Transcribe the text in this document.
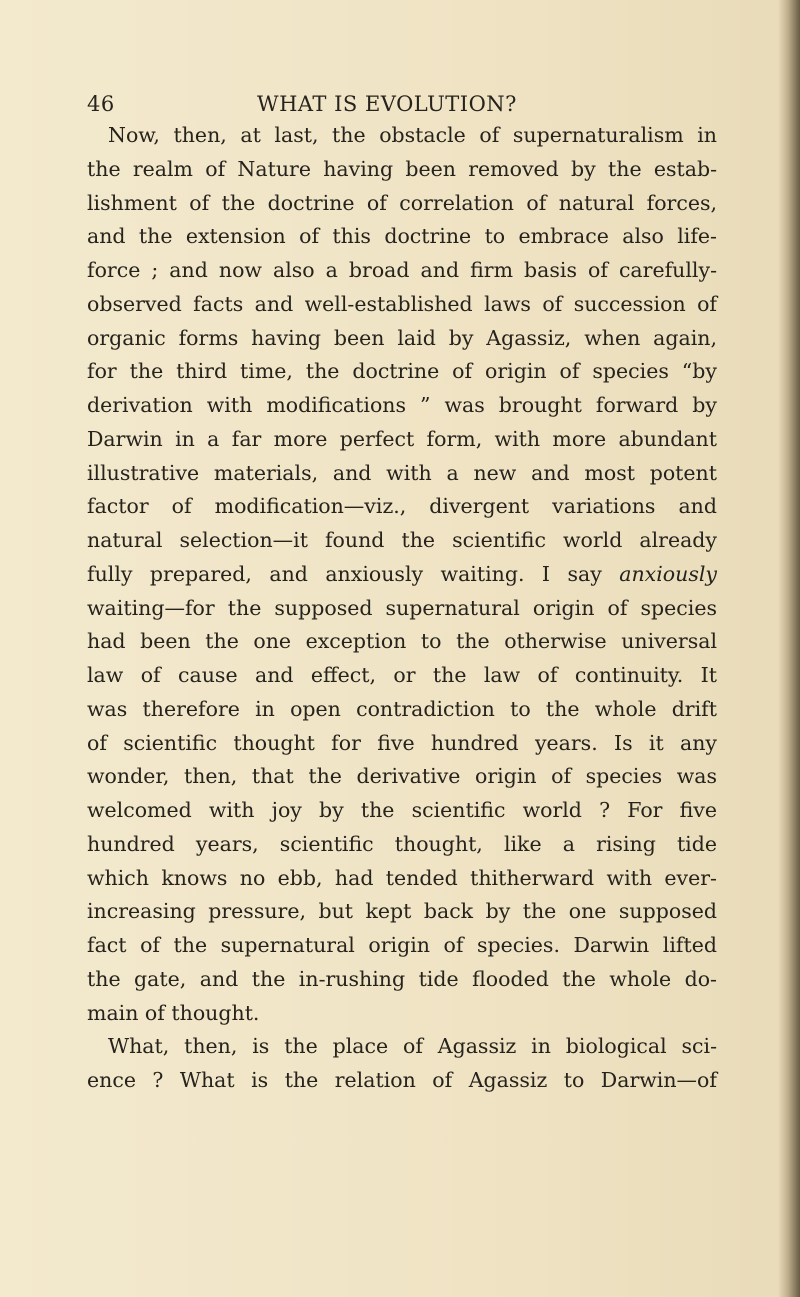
46	WHAT IS EVOLUTION?
Now, then, at last, the obstacle of supernaturalism in
the realm of Nature having been removed by the estab-
lishment of the doctrine of correlation of natural forces,
and the extension of this doctrine to embrace also life-
force ; and now also a broad and firm basis of carefully-
observed facts and well-established laws of succession of
organic forms having been laid by Agassiz, when again,
for the third time, the doctrine of origin of species “by
derivation with modifications ” was brought forward by
Darwin in a far more perfect form, with more abundant
illustrative materials, and with a new and most potent
factor of modification—viz., divergent variations and
natural selection—it found the scientific world already
fully prepared, and anxiously waiting. I say anxiously
waiting—for the supposed supernatural origin of species
had been the one exception to the otherwise universal
law of cause and effect, or the law of continuity. It
was therefore in open contradiction to the whole drift
of scientific thought for five hundred years. Is it any
wonder, then, that the derivative origin of species was
welcomed with joy by the scientific world ? For five
hundred years, scientific thought, like a rising tide
which knows no ebb, had tended thitherward with ever-
increasing pressure, but kept back by the one supposed
fact of the supernatural origin of species. Darwin lifted
the gate, and the in-rushing tide flooded the whole do-
main of thought.
What, then, is the place of Agassiz in biological sci-
ence ? What is the relation of Agassiz to Darwin—of
